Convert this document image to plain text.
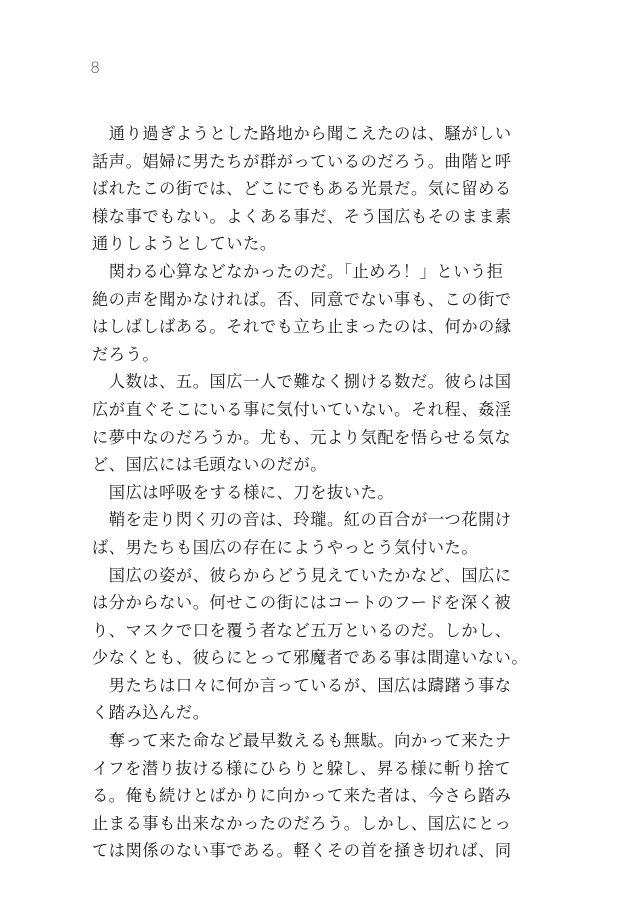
8
　通り過ぎようとした路地から聞こえたのは、騒がしい
話声。娼婦に男たちが群がっているのだろう。曲階と呼
ばれたこの街では、どこにでもある光景だ。気に留める
様な事でもない。よくある事だ、そう国広もそのまま素
通りしようとしていた。
　関わる心算などなかったのだ。「止めろ！」という拒
絶の声を聞かなければ。否、同意でない事も、この街で
はしばしばある。それでも立ち止まったのは、何かの縁
だろう。
　人数は、五。国広一人で難なく捌ける数だ。彼らは国
広が直ぐそこにいる事に気付いていない。それ程、姦淫
に夢中なのだろうか。尤も、元より気配を悟らせる気な
ど、国広には毛頭ないのだが。
　国広は呼吸をする様に、刀を抜いた。
　鞘を走り閃く刃の音は、玲瓏。紅の百合が一つ花開け
ば、男たちも国広の存在にようやっとう気付いた。
　国広の姿が、彼らからどう見えていたかなど、国広に
は分からない。何せこの街にはコートのフードを深く被
り、マスクで口を覆う者など五万といるのだ。しかし、
少なくとも、彼らにとって邪魔者である事は間違いない。
　男たちは口々に何か言っているが、国広は躊躇う事な
く踏み込んだ。
　奪って来た命など最早数えるも無駄。向かって来たナ
イフを潜り抜ける様にひらりと躱し、昇る様に斬り捨て
る。俺も続けとばかりに向かって来た者は、今さら踏み
止まる事も出来なかったのだろう。しかし、国広にとっ
ては関係のない事である。軽くその首を掻き切れば、同
